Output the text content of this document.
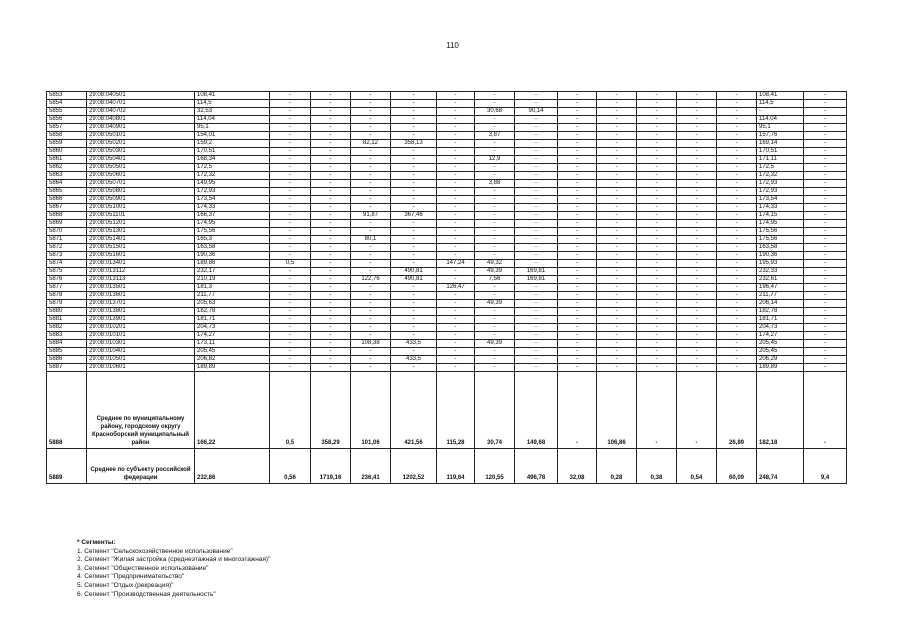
110
5853	29:08:040501	108,41	-	-	-	-	-	-	-	-	-	-	-	-	108,41	-
5854	29:08:040701	114,5	-	-	-	-	-	-	-	-	-	-	-	-	114,5	-
5855	29:08:040702	32,53	-	-	-	-	-	30,68	90,14	-	-	-	-	-	-	-
5856	29:08:040801	114,04	-	-	-	-	-	-	-	-	-	-	-	-	114,04	-
5857	29:08:040901	95,1	-	-	-	-	-	-	-	-	-	-	-	-	95,1	-
5858	29:08:050101	154,01	-	-	-	-	-	3,87	-	-	-	-	-	-	157,76	-
5859	29:08:050201	159,2	-	-	82,12	358,13	-	-	-	-	-	-	-	-	169,14	-
5860	29:08:050301	170,51	-	-	-	-	-	-	-	-	-	-	-	-	170,51	-
5861	29:08:050401	168,34	-	-	-	-	-	12,9	-	-	-	-	-	-	171,11	-
5862	29:08:050501	172,5	-	-	-	-	-	-	-	-	-	-	-	-	172,5	-
5863	29:08:050601	172,32	-	-	-	-	-	-	-	-	-	-	-	-	172,32	-
5864	29:08:050701	149,95	-	-	-	-	-	3,88	-	-	-	-	-	-	172,93	-
5865	29:08:050801	172,93	-	-	-	-	-	-	-	-	-	-	-	-	172,93	-
5866	29:08:050901	173,54	-	-	-	-	-	-	-	-	-	-	-	-	173,54	-
5867	29:08:051001	174,33	-	-	-	-	-	-	-	-	-	-	-	-	174,33	-
5868	29:08:051101	166,37	-	-	91,87	367,46	-	-	-	-	-	-	-	-	174,15	-
5869	29:08:051201	174,95	-	-	-	-	-	-	-	-	-	-	-	-	174,95	-
5870	29:08:051301	175,56	-	-	-	-	-	-	-	-	-	-	-	-	175,56	-
5871	29:08:051401	165,3	-	-	80,1	-	-	-	-	-	-	-	-	-	175,56	-
5872	29:08:051501	163,58	-	-	-	-	-	-	-	-	-	-	-	-	163,58	-
5873	29:08:051601	190,36	-	-	-	-	-	-	-	-	-	-	-	-	190,36	-
5874	29:08:013401	189,86	0,5	-	-	-	147,24	49,32	-	-	-	-	-	-	195,93	-
5875	29:08:013112	232,17	-	-	-	490,81	-	49,39	169,81	-	-	-	-	-	232,33	-
5876	29:08:013113	210,19	-	-	122,76	490,81	-	7,56	169,81	-	-	-	-	-	232,61	-
5877	29:08:013501	181,3	-	-	-	-	126,47	-	-	-	-	-	-	-	196,47	-
5878	29:08:013601	211,77	-	-	-	-	-	-	-	-	-	-	-	-	211,77	-
5879	29:08:013701	205,63	-	-	-	-	-	49,39	-	-	-	-	-	-	206,14	-
5880	29:08:013801	182,78	-	-	-	-	-	-	-	-	-	-	-	-	182,78	-
5881	29:08:013901	181,71	-	-	-	-	-	-	-	-	-	-	-	-	181,71	-
5882	29:08:010201	204,73	-	-	-	-	-	-	-	-	-	-	-	-	204,73	-
5883	29:08:010101	174,27	-	-	-	-	-	-	-	-	-	-	-	-	174,27	-
5884	29:08:010301	173,11	-	-	108,38	433,5	-	49,39	-	-	-	-	-	-	205,45	-
5885	29:08:010401	205,45	-	-	-	-	-	-	-	-	-	-	-	-	205,45	-
5886	29:08:010501	206,82	-	-	-	433,5	-	-	-	-	-	-	-	-	206,29	-
5887	29:08:010601	189,89	-	-	-	-	-	-	-	-	-	-	-	-	189,89	-
5888	Среднее по муниципальному району, городскому округу Красноборский муниципальный район	166,22	0,5	358,29	101,06	421,56	115,28	30,74	149,68	-	106,86	-	-	26,89	182,18	-
5889	Среднее по субъекту российской федерации	232,86	0,56	1719,16	236,41	1202,52	119,64	120,55	496,78	32,08	0,28	0,38	0,54	60,09	248,74	9,4
* Сегменты:
1. Сегмент "Сельскохозяйственное использование"
2. Сегмент "Жилая застройка (среднеэтажная и многоэтажная)"
3. Сегмент "Общественное использование"
4. Сегмент "Предпринимательство"
5. Сегмент "Отдых (рекреация)"
6. Сегмент "Производственная деятельность"
